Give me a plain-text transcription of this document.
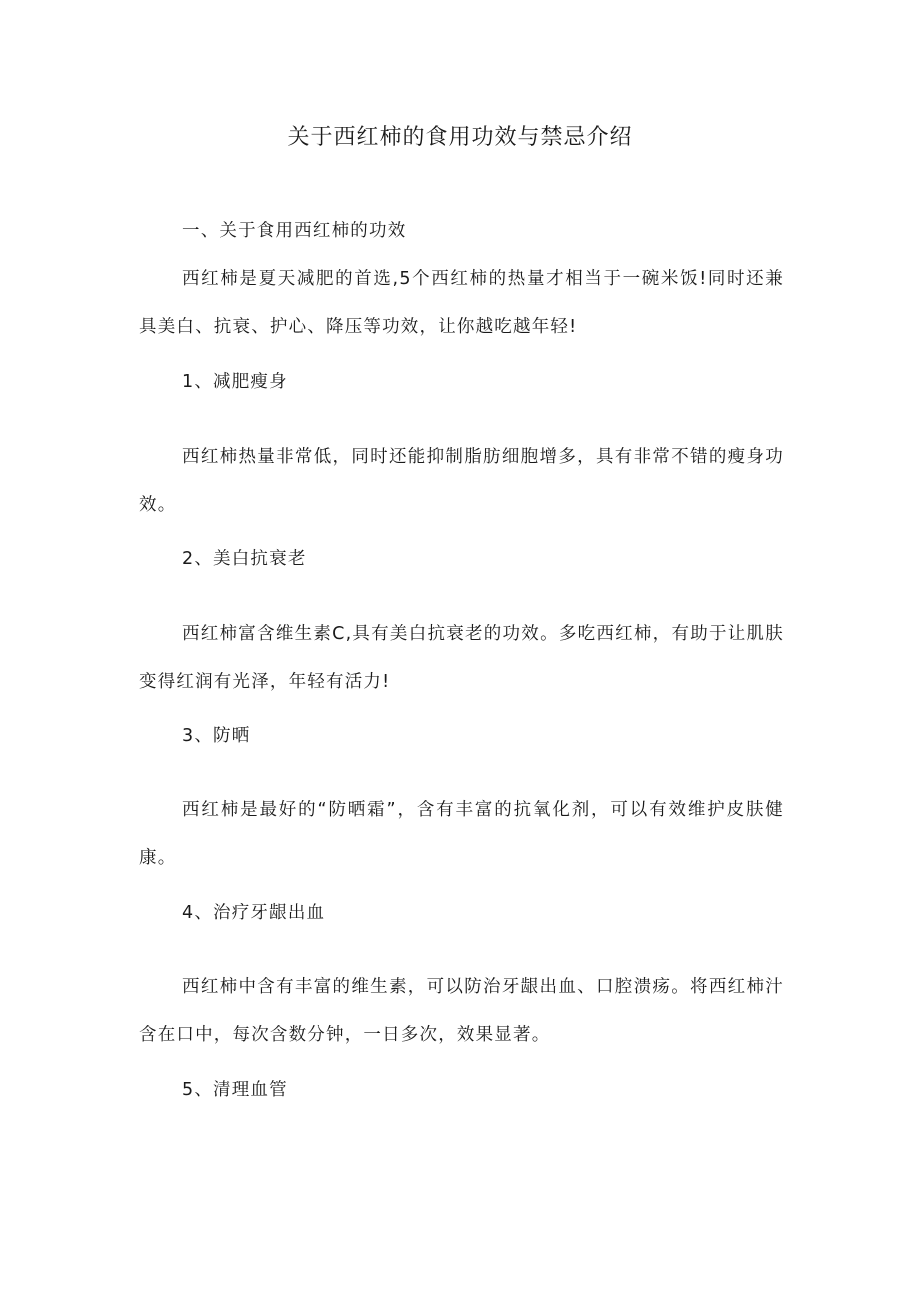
关于西红柿的食用功效与禁忌介绍
一、关于食用西红柿的功效

西红柿是夏天减肥的首选,5个西红柿的热量才相当于一碗米饭!同时还兼具美白、抗衰、护心、降压等功效，让你越吃越年轻!

1、减肥瘦身

西红柿热量非常低，同时还能抑制脂肪细胞增多，具有非常不错的瘦身功效。

2、美白抗衰老

西红柿富含维生素C,具有美白抗衰老的功效。多吃西红柿，有助于让肌肤变得红润有光泽，年轻有活力!

3、防晒

西红柿是最好的“防晒霜”，含有丰富的抗氧化剂，可以有效维护皮肤健康。

4、治疗牙龈出血

西红柿中含有丰富的维生素，可以防治牙龈出血、口腔溃疡。将西红柿汁含在口中，每次含数分钟，一日多次，效果显著。

5、清理血管
